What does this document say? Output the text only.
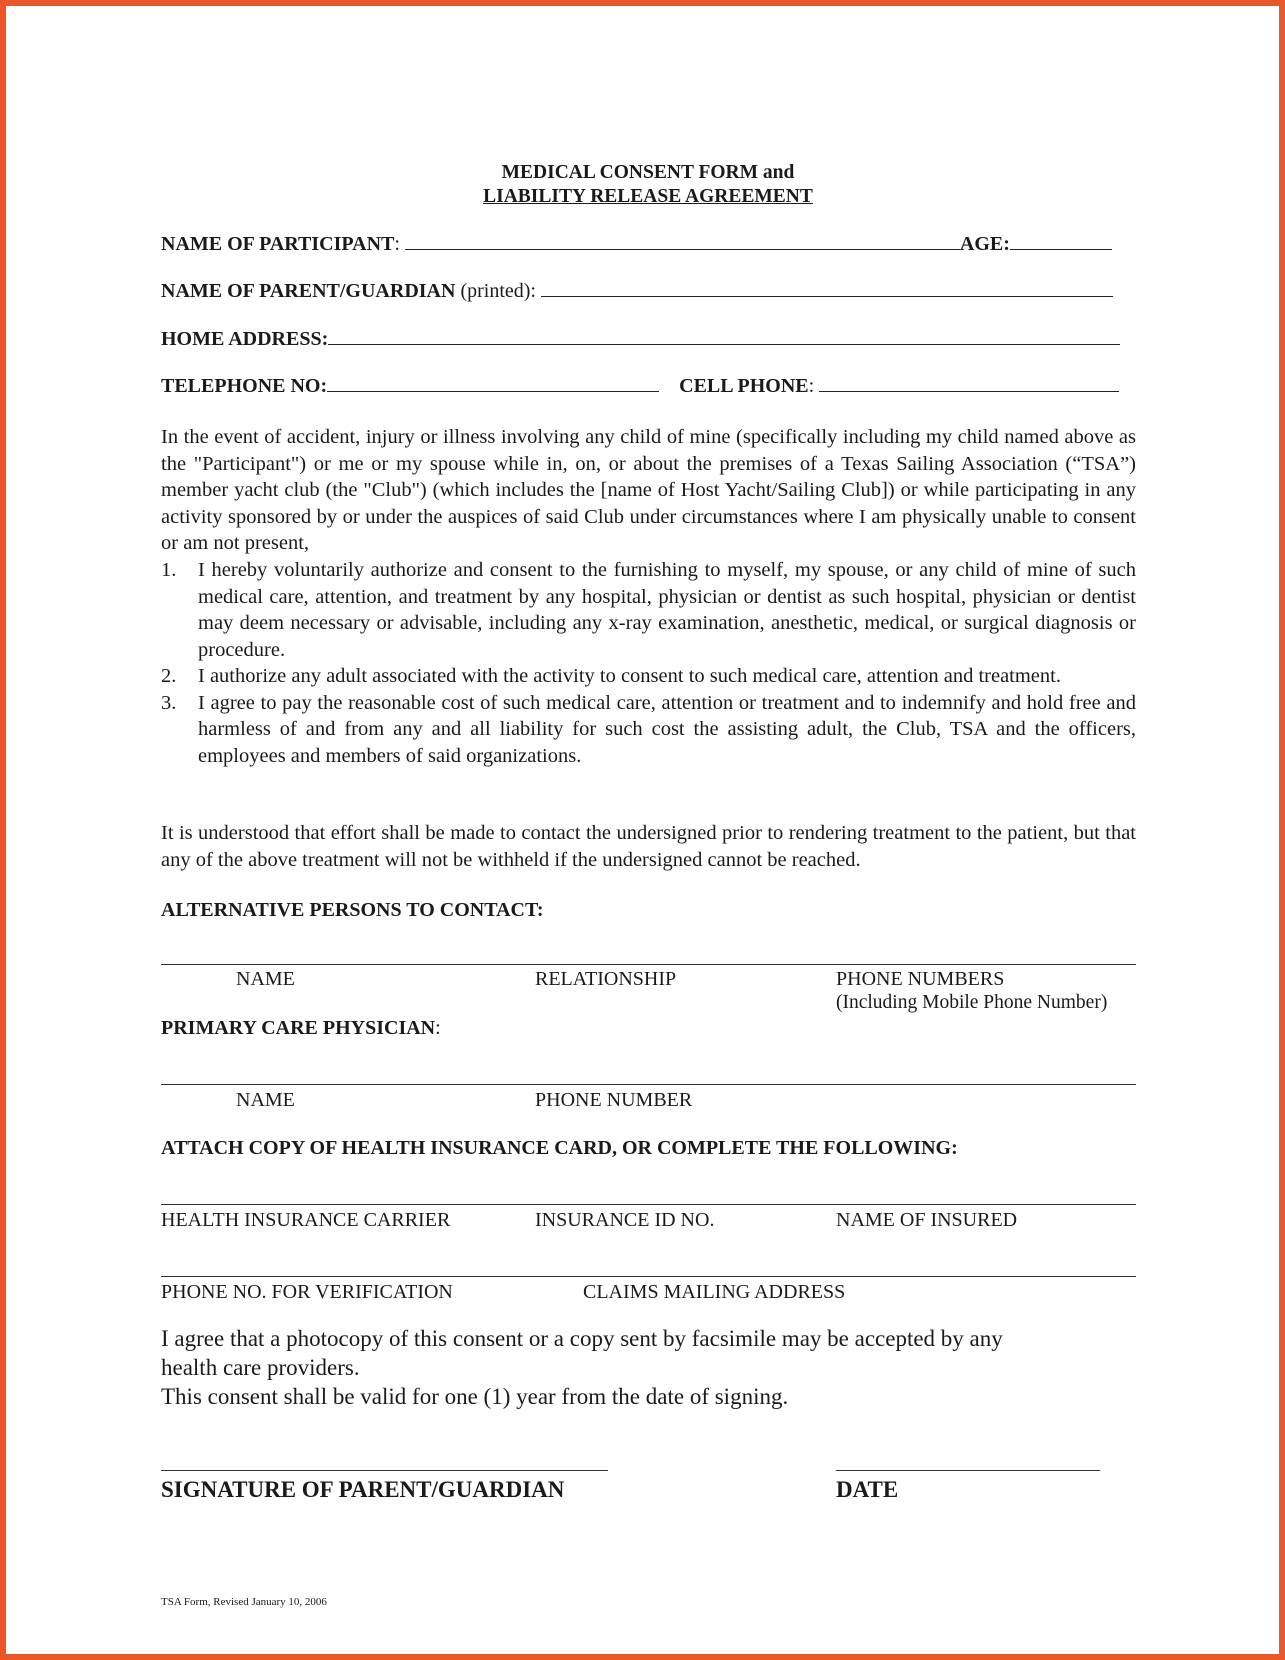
MEDICAL CONSENT FORM and
LIABILITY RELEASE AGREEMENT
NAME OF PARTICIPANT:	AGE:
NAME OF PARENT/GUARDIAN (printed):
HOME ADDRESS:
TELEPHONE NO:	CELL PHONE:
In the event of accident, injury or illness involving any child of mine (specifically including my child named above as the "Participant") or me or my spouse while in, on, or about the premises of a Texas Sailing Association (“TSA”) member yacht club (the "Club") (which includes the [name of Host Yacht/Sailing Club]) or while participating in any activity sponsored by or under the auspices of said Club under circumstances where I am physically unable to consent or am not present,
1. I hereby voluntarily authorize and consent to the furnishing to myself, my spouse, or any child of mine of such medical care, attention, and treatment by any hospital, physician or dentist as such hospital, physician or dentist may deem necessary or advisable, including any x-ray examination, anesthetic, medical, or surgical diagnosis or procedure.
2. I authorize any adult associated with the activity to consent to such medical care, attention and treatment.
3. I agree to pay the reasonable cost of such medical care, attention or treatment and to indemnify and hold free and harmless of and from any and all liability for such cost the assisting adult, the Club, TSA and the officers, employees and members of said organizations.
It is understood that effort shall be made to contact the undersigned prior to rendering treatment to the patient, but that any of the above treatment will not be withheld if the undersigned cannot be reached.
ALTERNATIVE PERSONS TO CONTACT:
NAME	RELATIONSHIP	PHONE NUMBERS
(Including Mobile Phone Number)
PRIMARY CARE PHYSICIAN:
NAME	PHONE NUMBER
ATTACH COPY OF HEALTH INSURANCE CARD, OR COMPLETE THE FOLLOWING:
HEALTH INSURANCE CARRIER	INSURANCE ID NO.	NAME OF INSURED
PHONE NO. FOR VERIFICATION	CLAIMS MAILING ADDRESS
I agree that a photocopy of this consent or a copy sent by facsimile may be accepted by any
health care providers.
This consent shall be valid for one (1) year from the date of signing.
SIGNATURE OF PARENT/GUARDIAN	DATE
TSA Form, Revised January 10, 2006
